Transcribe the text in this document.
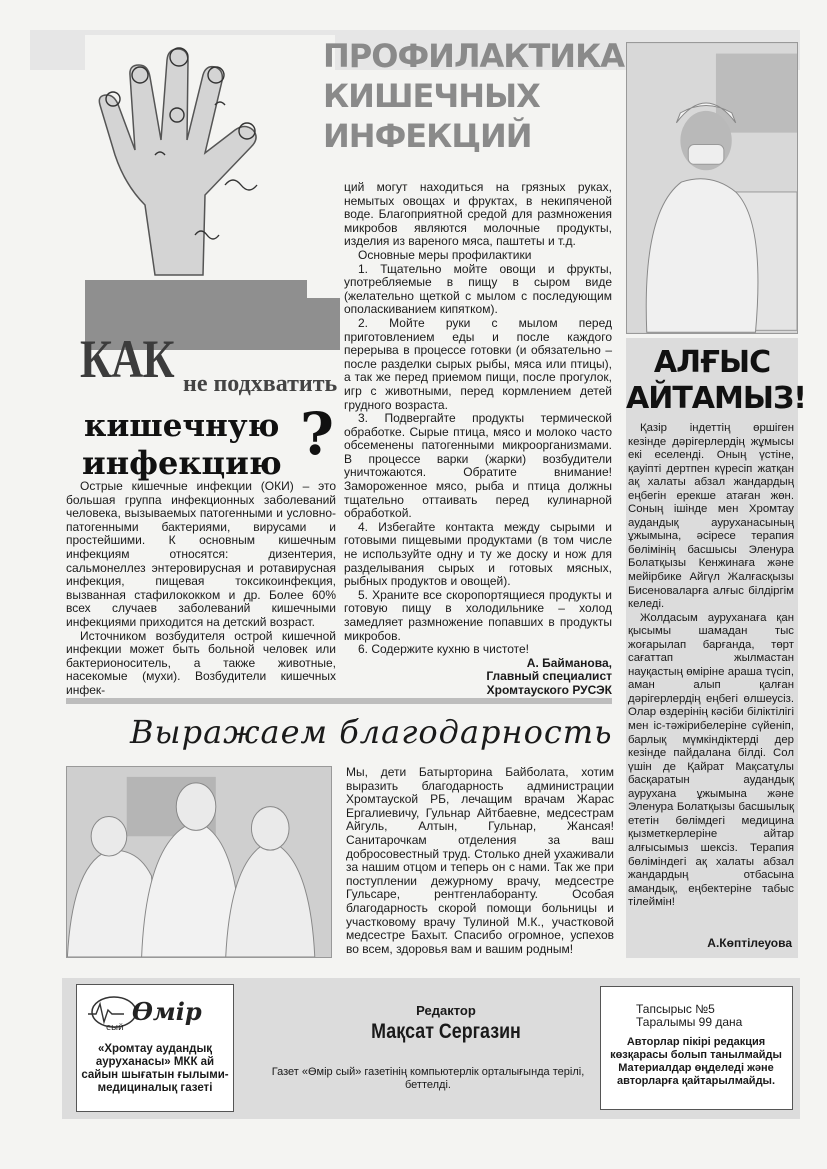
КАК не подхватить
кишечную
инфекцию ?
ПРОФИЛАКТИКА
КИШЕЧНЫХ
ИНФЕКЦИЙ

Острые кишечные инфекции (ОКИ) – это большая группа инфекционных заболеваний человека, вызываемых патогенными и условно-патогенными бактериями, вирусами и простейшими. К основным кишечным инфекциям относятся: дизентерия, сальмонеллез энтеровирусная и ротавирусная инфекция, пищевая токсикоинфекция, вызванная стафилококком и др. Более 60% всех случаев заболеваний кишечными инфекциями приходится на детский возраст.

Источником возбудителя острой кишечной инфекции может быть больной человек или бактерионоситель, а также животные, насекомые (мухи). Возбудители кишечных инфек-

ций могут находиться на грязных руках, немытых овощах и фруктах, в некипяченой воде. Благоприятной средой для размножения микробов являются молочные продукты, изделия из вареного мяса, паштеты и т.д.

Основные меры профилактики

1. Тщательно мойте овощи и фрукты, употребляемые в пищу в сыром виде (желательно щеткой с мылом с последующим ополаскиванием кипятком).

2. Мойте руки с мылом перед приготовлением еды и после каждого перерыва в процессе готовки (и обязательно – после разделки сырых рыбы, мяса или птицы), а так же перед приемом пищи, после прогулок, игр с животными, перед кормлением детей грудного возраста.

3. Подвергайте продукты термической обработке. Сырые птица, мясо и молоко часто обсеменены патогенными микроорганизмами. В процессе варки (жарки) возбудители уничтожаются. Обратите внимание! Замороженное мясо, рыба и птица должны тщательно оттаивать перед кулинарной обработкой.

4. Избегайте контакта между сырыми и готовыми пищевыми продуктами (в том числе не используйте одну и ту же доску и нож для разделывания сырых и готовых мясных, рыбных продуктов и овощей).

5. Храните все скоропортящиеся продукты и готовую пищу в холодильнике – холод замедляет размножение попавших в продукты микробов.

6. Содержите кухню в чистоте!

А. Байманова,

Главный специалист

Хромтауского РУСЭК

АЛҒЫС
АЙТАМЫЗ!

Қазір індеттің өршіген кезінде дәрігерлердің жұмысы екі еселенді. Оның үстіне, қауіпті дертпен күресіп жатқан ақ халаты абзал жандардың еңбегін ерекше атаған жөн. Соның ішінде мен Хромтау аудандық ауруханасының ұжымына, әсіресе терапия бөлімінің басшысы Эленура Болатқызы Кенжинаға және мейірбике Айгүл Жалғасқызы Бисеноваларға алғыс білдіргім келеді.

Жолдасым ауруханаға қан қысымы шамадан тыс жоғарылап барғанда, төрт сағаттап жылмастан науқастың өміріне араша түсіп, аман алып қалған дәрігерлердің еңбегі өлшеусіз. Олар өздерінің кәсіби біліктілігі мен іс-тәжірибелеріне сүйеніп, барлық мүмкіндіктерді дер кезінде пайдалана білді. Сол үшін де Қайрат Мақсатұлы басқаратын аудандық аурухана ұжымына және Эленура Болатқызы басшылық ететін бөлімдегі медицина қызметкерлеріне айтар алғысымыз шексіз. Терапия бөліміндегі ақ халаты абзал жандардың отбасына амандық, еңбектеріне табыс тілеймін!

А.Көптілеуова
Выражаем благодарность
Мы, дети Батырторина Байболата, хотим выразить благодарность администрации Хромтауской РБ, лечащим врачам Жарас Ергалиевичу, Гульнар Айтбаевне, медсестрам Айгуль, Алтын, Гульнар, Жансая! Санитарочкам отделения за ваш добросовестный труд. Столько дней ухаживали за нашим отцом и теперь он с нами. Так же при поступлении дежурному врачу, медсестре Гульсаре, рентгенлаборанту. Особая благодарность скорой помощи больницы и участковому врачу Тулиной М.К., участковой медсестре Бахыт. Спасибо огромное, успехов во всем, здоровья вам и вашим родным!
Өмір
сый
«Хромтау аудандық ауруханасы» МКК ай сайын шығатын ғылыми-медициналық газеті
Редактор
Мақсат Сергазин
Газет «Өмір сый» газетінің компьютерлік орталығында терілі, беттелді.
Тапсырыс №5
Таралымы 99 дана
Авторлар пікірі редакция көзқарасы болып танылмайды Материалдар өңделеді және авторларға қайтарылмайды.
